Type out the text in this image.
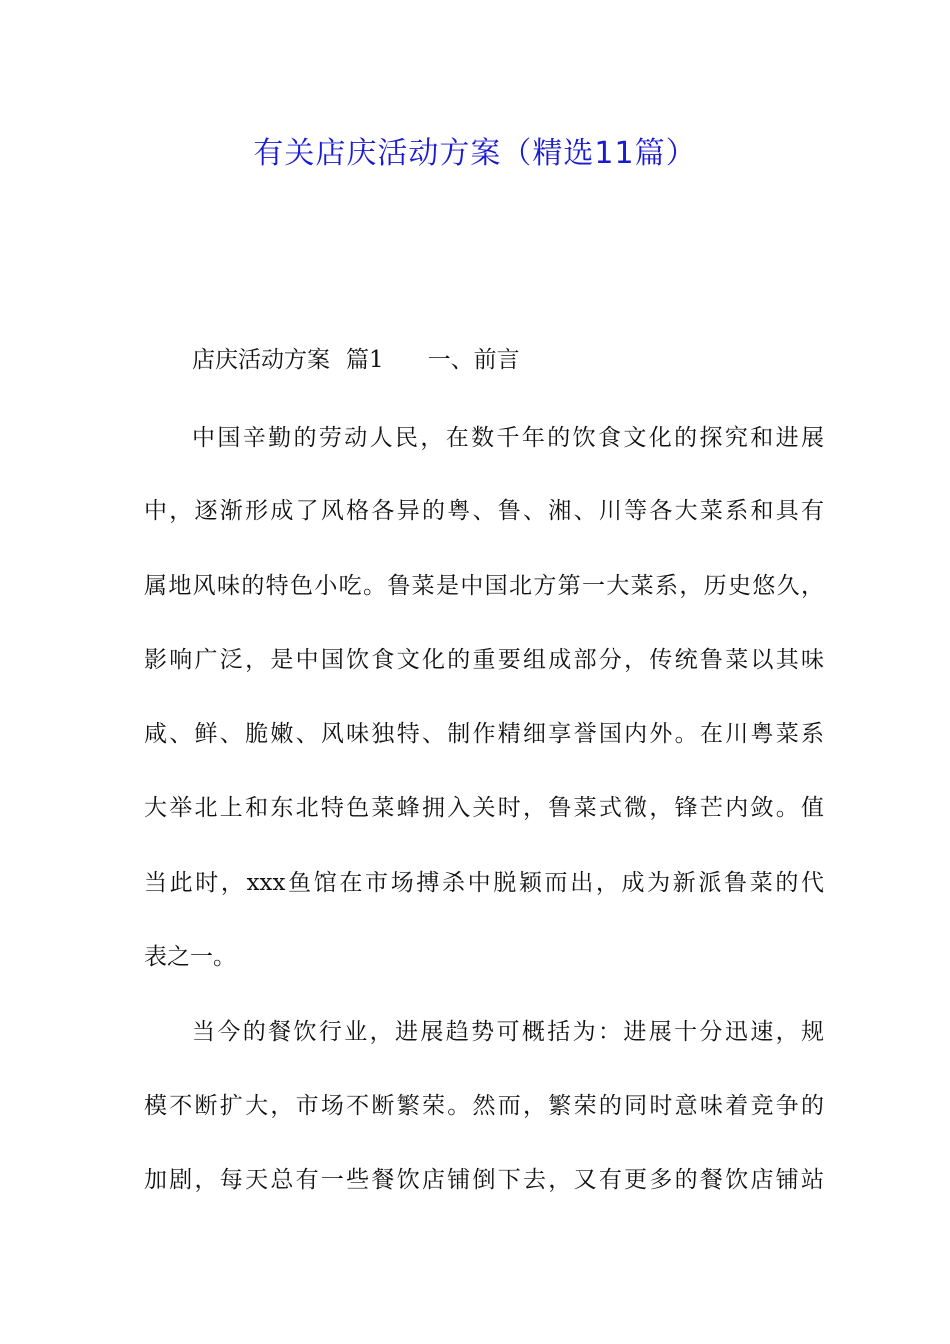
有关店庆活动方案（精选11篇）
店庆活动方案 篇1 一、前言
中国辛勤的劳动人民，在数千年的饮食文化的探究和进展
中，逐渐形成了风格各异的粤、鲁、湘、川等各大菜系和具有
属地风味的特色小吃。鲁菜是中国北方第一大菜系，历史悠久，
影响广泛，是中国饮食文化的重要组成部分，传统鲁菜以其味
咸、鲜、脆嫩、风味独特、制作精细享誉国内外。在川粤菜系
大举北上和东北特色菜蜂拥入关时，鲁菜式微，锋芒内敛。值
当此时，xxx鱼馆在市场搏杀中脱颖而出，成为新派鲁菜的代
表之一。
当今的餐饮行业，进展趋势可概括为：进展十分迅速，规
模不断扩大，市场不断繁荣。然而，繁荣的同时意味着竞争的
加剧，每天总有一些餐饮店铺倒下去，又有更多的餐饮店铺站
